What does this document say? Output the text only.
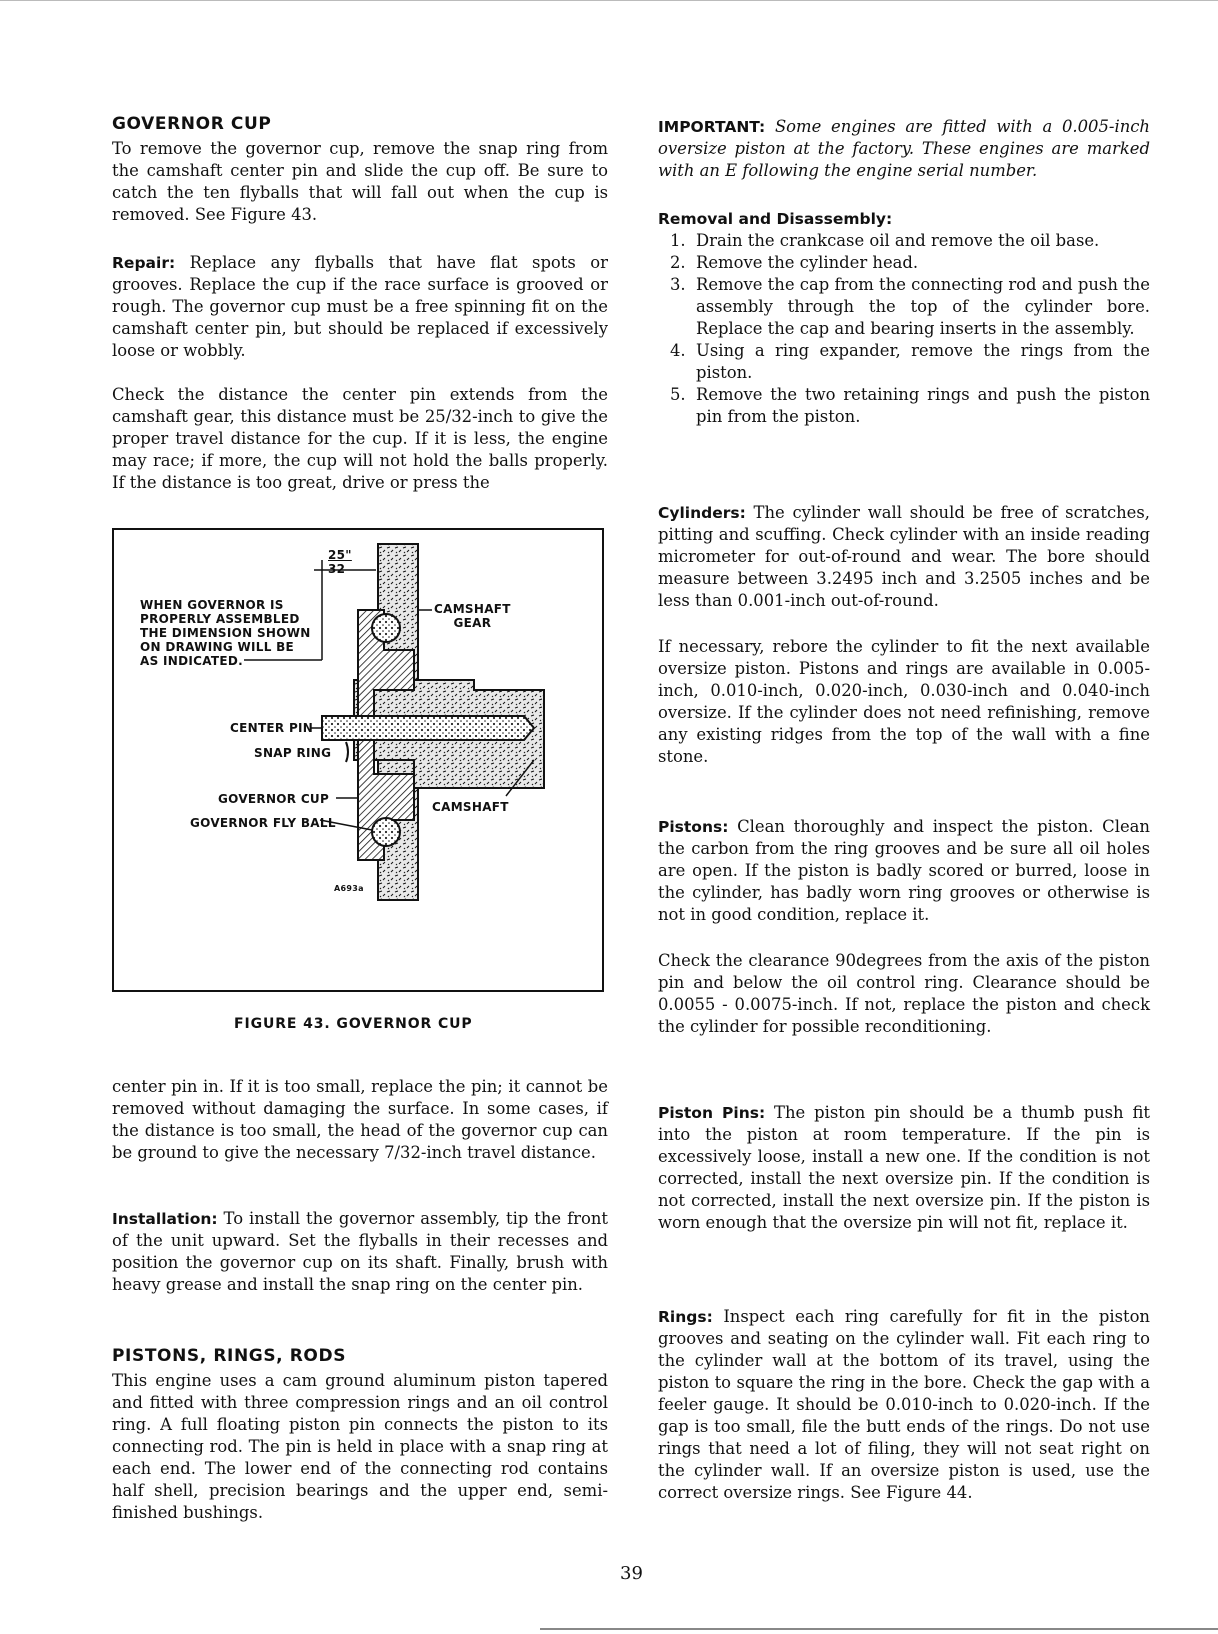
GOVERNOR CUP

To remove the governor cup, remove the snap ring from the camshaft center pin and slide the cup off. Be sure to catch the ten flyballs that will fall out when the cup is removed. See Figure 43.

Repair: Replace any flyballs that have flat spots or grooves. Replace the cup if the race surface is grooved or rough. The governor cup must be a free spinning fit on the camshaft center pin, but should be replaced if excessively loose or wobbly.

Check the distance the center pin extends from the camshaft gear, this distance must be 25/32-inch to give the proper travel distance for the cup. If it is less, the engine may race; if more, the cup will not hold the balls properly. If the distance is too great, drive or press the

center pin in. If it is too small, replace the pin; it cannot be removed without damaging the surface. In some cases, if the distance is too small, the head of the governor cup can be ground to give the necessary 7/32-inch travel distance.

Installation: To install the governor assembly, tip the front of the unit upward. Set the flyballs in their recesses and position the governor cup on its shaft. Finally, brush with heavy grease and install the snap ring on the center pin.

PISTONS, RINGS, RODS

This engine uses a cam ground aluminum piston tapered and fitted with three compression rings and an oil control ring. A full floating piston pin connects the piston to its connecting rod. The pin is held in place with a snap ring at each end. The lower end of the connecting rod contains half shell, precision bearings and the upper end, semi-finished bushings.

$\frac{25"}{32}$
WHEN GOVERNOR IS
PROPERLY ASSEMBLED
THE DIMENSION SHOWN
ON DRAWING WILL BE
AS INDICATED.
CAMSHAFT
GEAR
CENTER PIN
SNAP RING
GOVERNOR CUP
CAMSHAFT
GOVERNOR FLY BALL
A693a
FIGURE 43. GOVERNOR CUP

IMPORTANT: Some engines are fitted with a 0.005-inch oversize piston at the factory. These engines are marked with an E following the engine serial number.

Removal and Disassembly:
1. Drain the crankcase oil and remove the oil base.
2. Remove the cylinder head.
3. Remove the cap from the connecting rod and push the assembly through the top of the cylinder bore. Replace the cap and bearing inserts in the assembly.
4. Using a ring expander, remove the rings from the piston.
5. Remove the two retaining rings and push the piston pin from the piston.

Cylinders: The cylinder wall should be free of scratches, pitting and scuffing. Check cylinder with an inside reading micrometer for out-of-round and wear. The bore should measure between 3.2495 inch and 3.2505 inches and be less than 0.001-inch out-of-round.

If necessary, rebore the cylinder to fit the next available oversize piston. Pistons and rings are available in 0.005-inch, 0.010-inch, 0.020-inch, 0.030-inch and 0.040-inch oversize. If the cylinder does not need refinishing, remove any existing ridges from the top of the wall with a fine stone.

Pistons: Clean thoroughly and inspect the piston. Clean the carbon from the ring grooves and be sure all oil holes are open. If the piston is badly scored or burred, loose in the cylinder, has badly worn ring grooves or otherwise is not in good condition, replace it.

Check the clearance 90degrees from the axis of the piston pin and below the oil control ring. Clearance should be 0.0055 - 0.0075-inch. If not, replace the piston and check the cylinder for possible reconditioning.

Piston Pins: The piston pin should be a thumb push fit into the piston at room temperature. If the pin is excessively loose, install a new one. If the condition is not corrected, install the next oversize pin. If the condition is not corrected, install the next oversize pin. If the piston is worn enough that the oversize pin will not fit, replace it.

Rings: Inspect each ring carefully for fit in the piston grooves and seating on the cylinder wall. Fit each ring to the cylinder wall at the bottom of its travel, using the piston to square the ring in the bore. Check the gap with a feeler gauge. It should be 0.010-inch to 0.020-inch. If the gap is too small, file the butt ends of the rings. Do not use rings that need a lot of filing, they will not seat right on the cylinder wall. If an oversize piston is used, use the correct oversize rings. See Figure 44.

39
